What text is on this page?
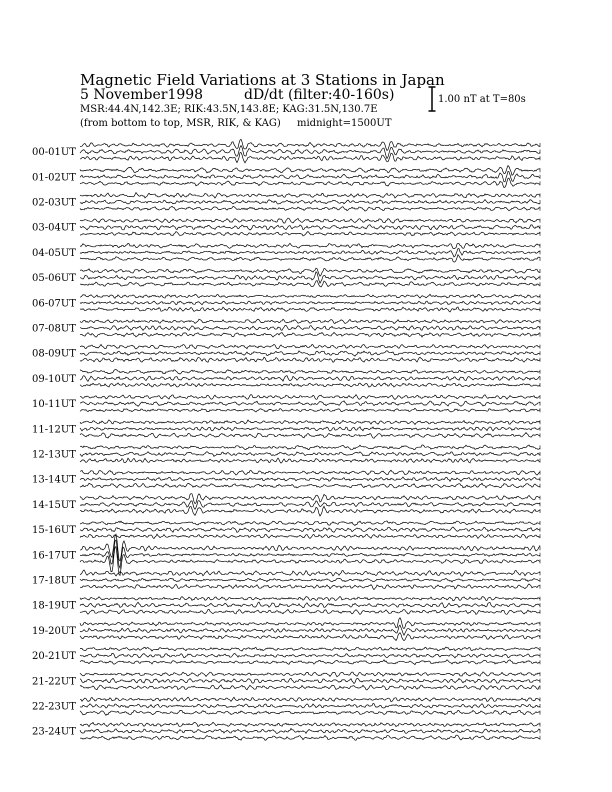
Magnetic Field Variations at 3 Stations in Japan
5 November1998	dD/dt (filter:40-160s)
MSR:44.4N,142.3E; RIK:43.5N,143.8E; KAG:31.5N,130.7E
(from bottom to top, MSR, RIK, & KAG) midnight=1500UT
1.00 nT at T=80s
00-01UT
01-02UT
02-03UT
03-04UT
04-05UT
05-06UT
06-07UT
07-08UT
08-09UT
09-10UT
10-11UT
11-12UT
12-13UT
13-14UT
14-15UT
15-16UT
16-17UT
17-18UT
18-19UT
19-20UT
20-21UT
21-22UT
22-23UT
23-24UT
